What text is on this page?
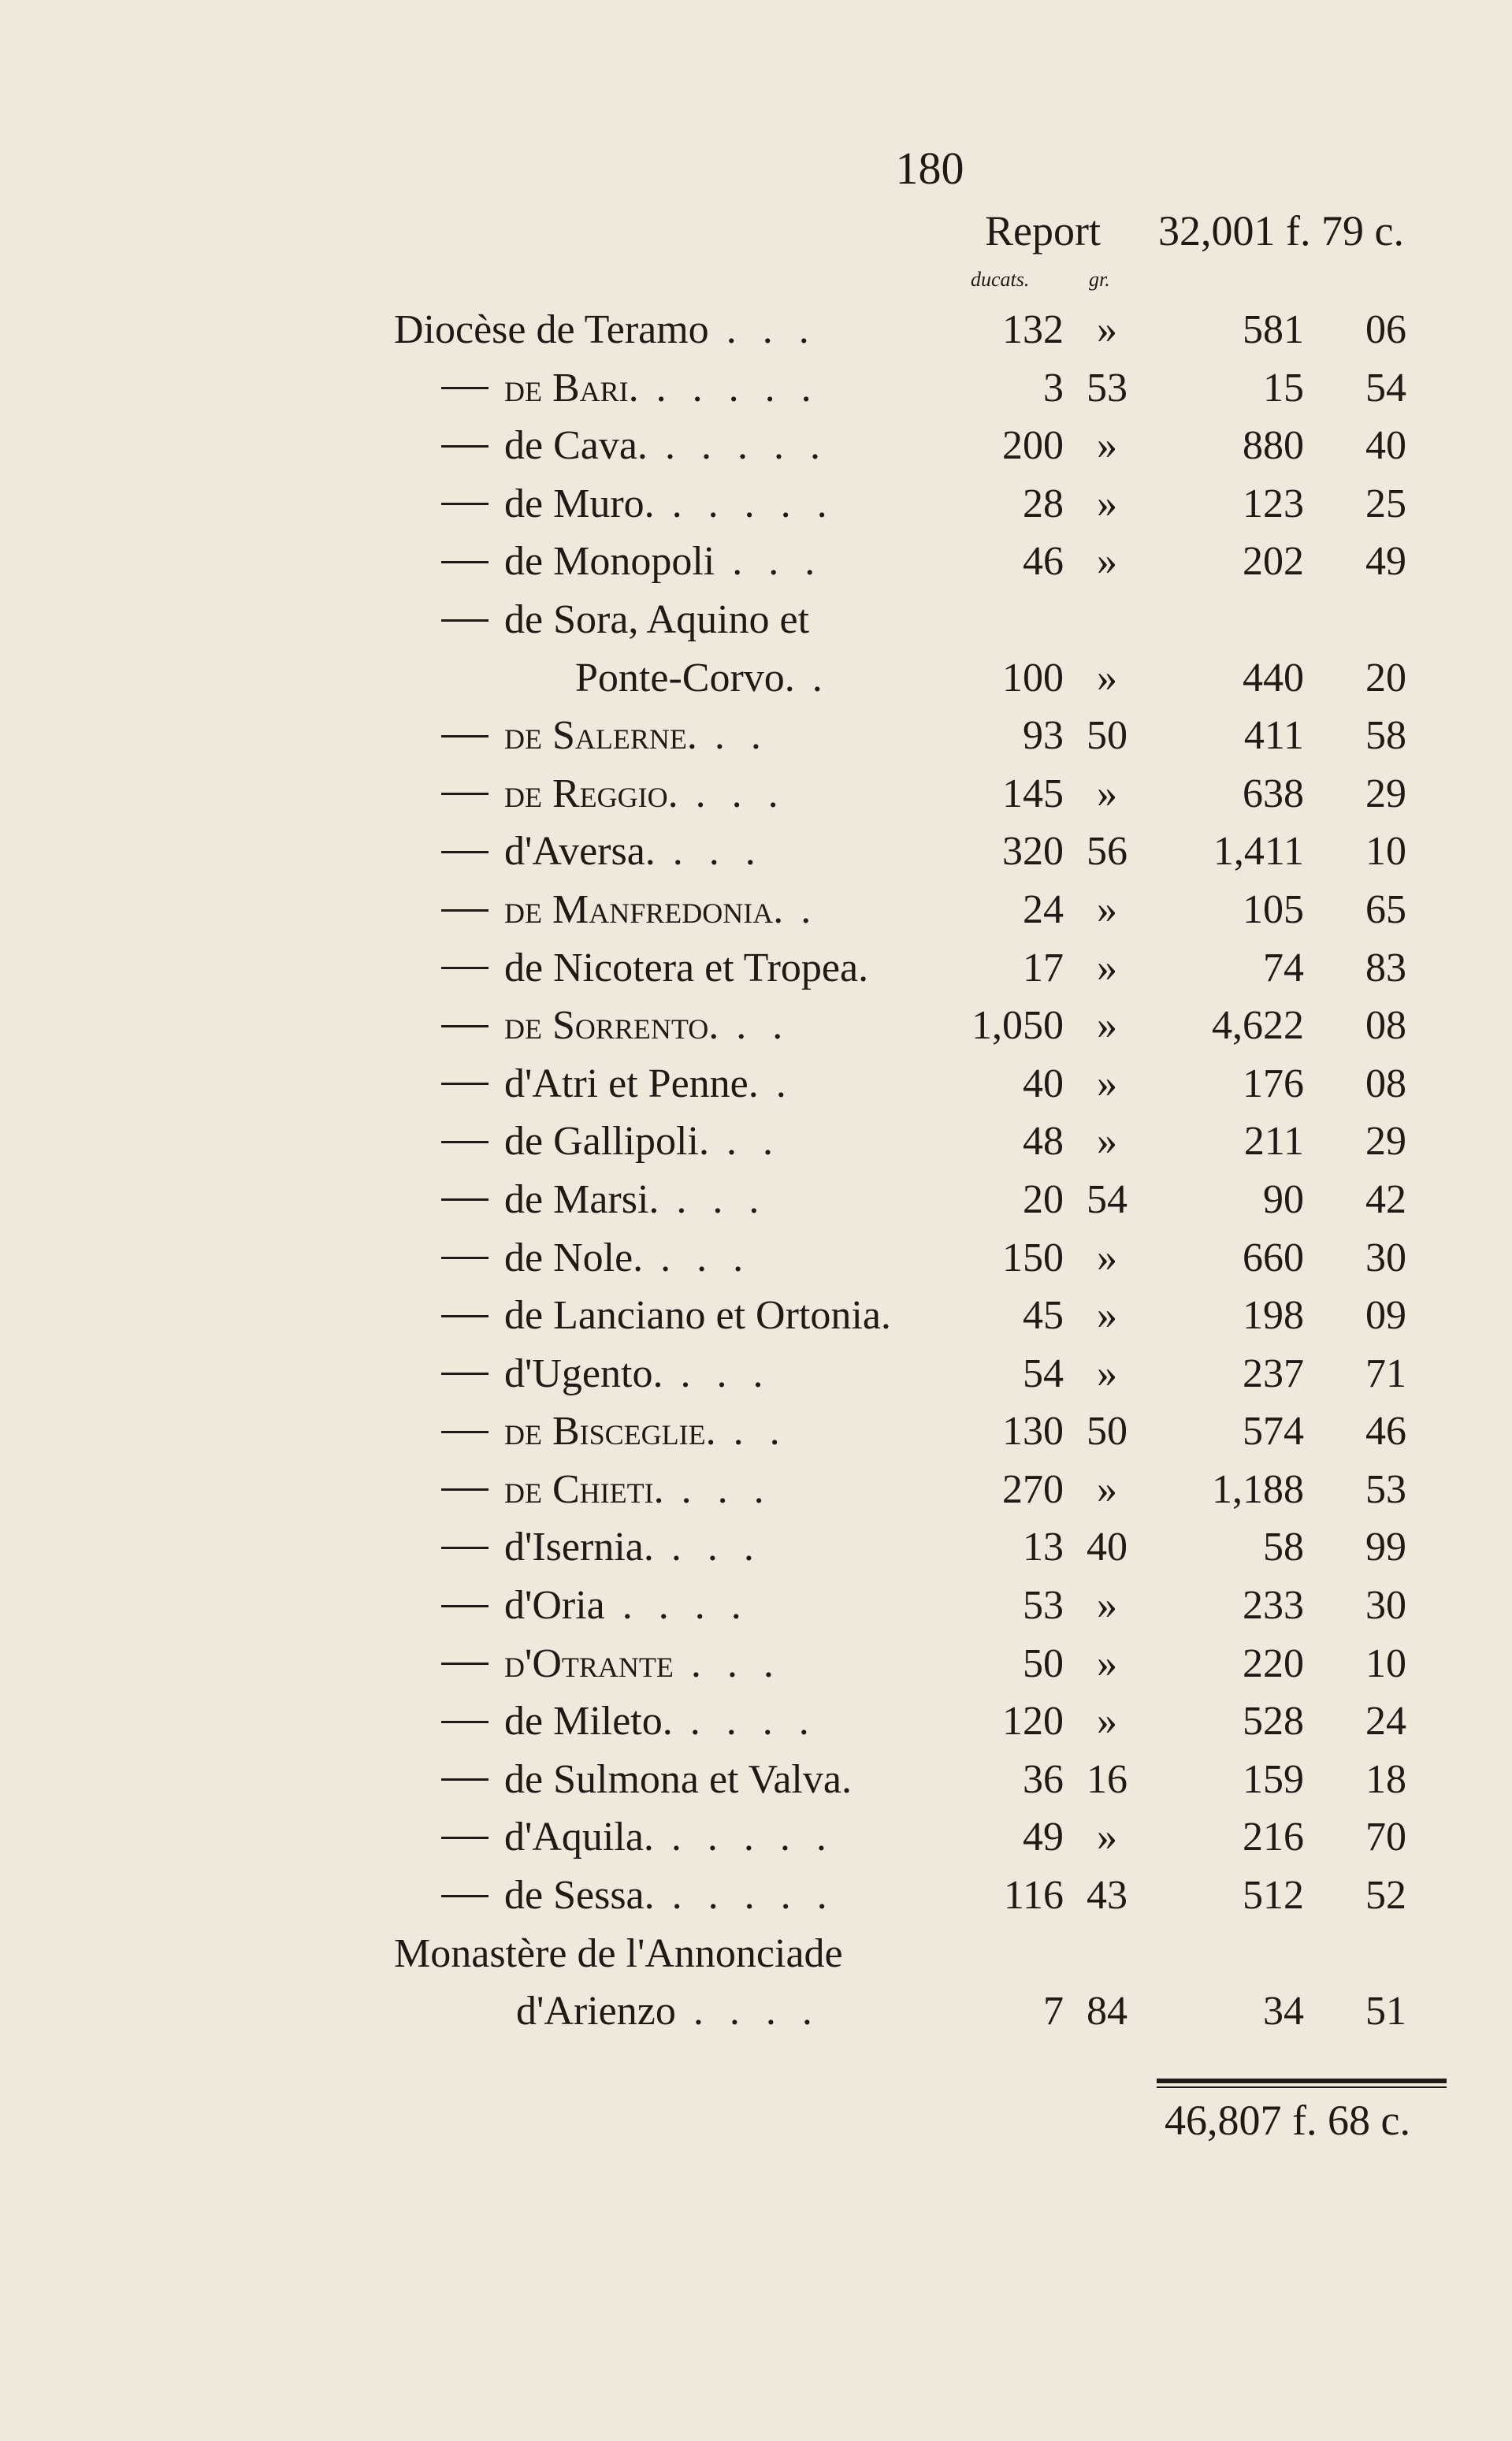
180
Report 32,001 f. 79 c.
ducats.	gr.
Diocèse de Teramo . . .	132 »	581	06
de Bari. . . . . .	3 53	15	54
de Cava. . . . . .	200 »	880	40
de Muro. . . . . .	28 »	123	25
de Monopoli . . .	46 »	202	49
de Sora, Aquino et
Ponte-Corvo. .	100 »	440	20
de Salerne. . .	93 50	411	58
de Reggio. . . .	145 »	638	29
d'Aversa. . . .	320 56	1,411	10
de Manfredonia. .	24 »	105	65
de Nicotera et Tropea.	17 »	74	83
de Sorrento. . .	1,050 »	4,622	08
d'Atri et Penne. .	40 »	176	08
de Gallipoli. . .	48 »	211	29
de Marsi. . . .	20 54	90	42
de Nole. . . .	150 »	660	30
de Lanciano et Ortonia.	45 »	198	09
d'Ugento. . . .	54 »	237	71
de Bisceglie. . .	130 50	574	46
de Chieti. . . .	270 »	1,188	53
d'Isernia. . . .	13 40	58	99
d'Oria . . . .	53 »	233	30
d'Otrante . . .	50 »	220	10
de Mileto. . . . .	120 »	528	24
de Sulmona et Valva.	36 16	159	18
d'Aquila. . . . . .	49 »	216	70
de Sessa. . . . . .	116 43	512	52
Monastère de l'Annonciade
d'Arienzo . . . .	7 84	34	51
46,807 f. 68 c.
